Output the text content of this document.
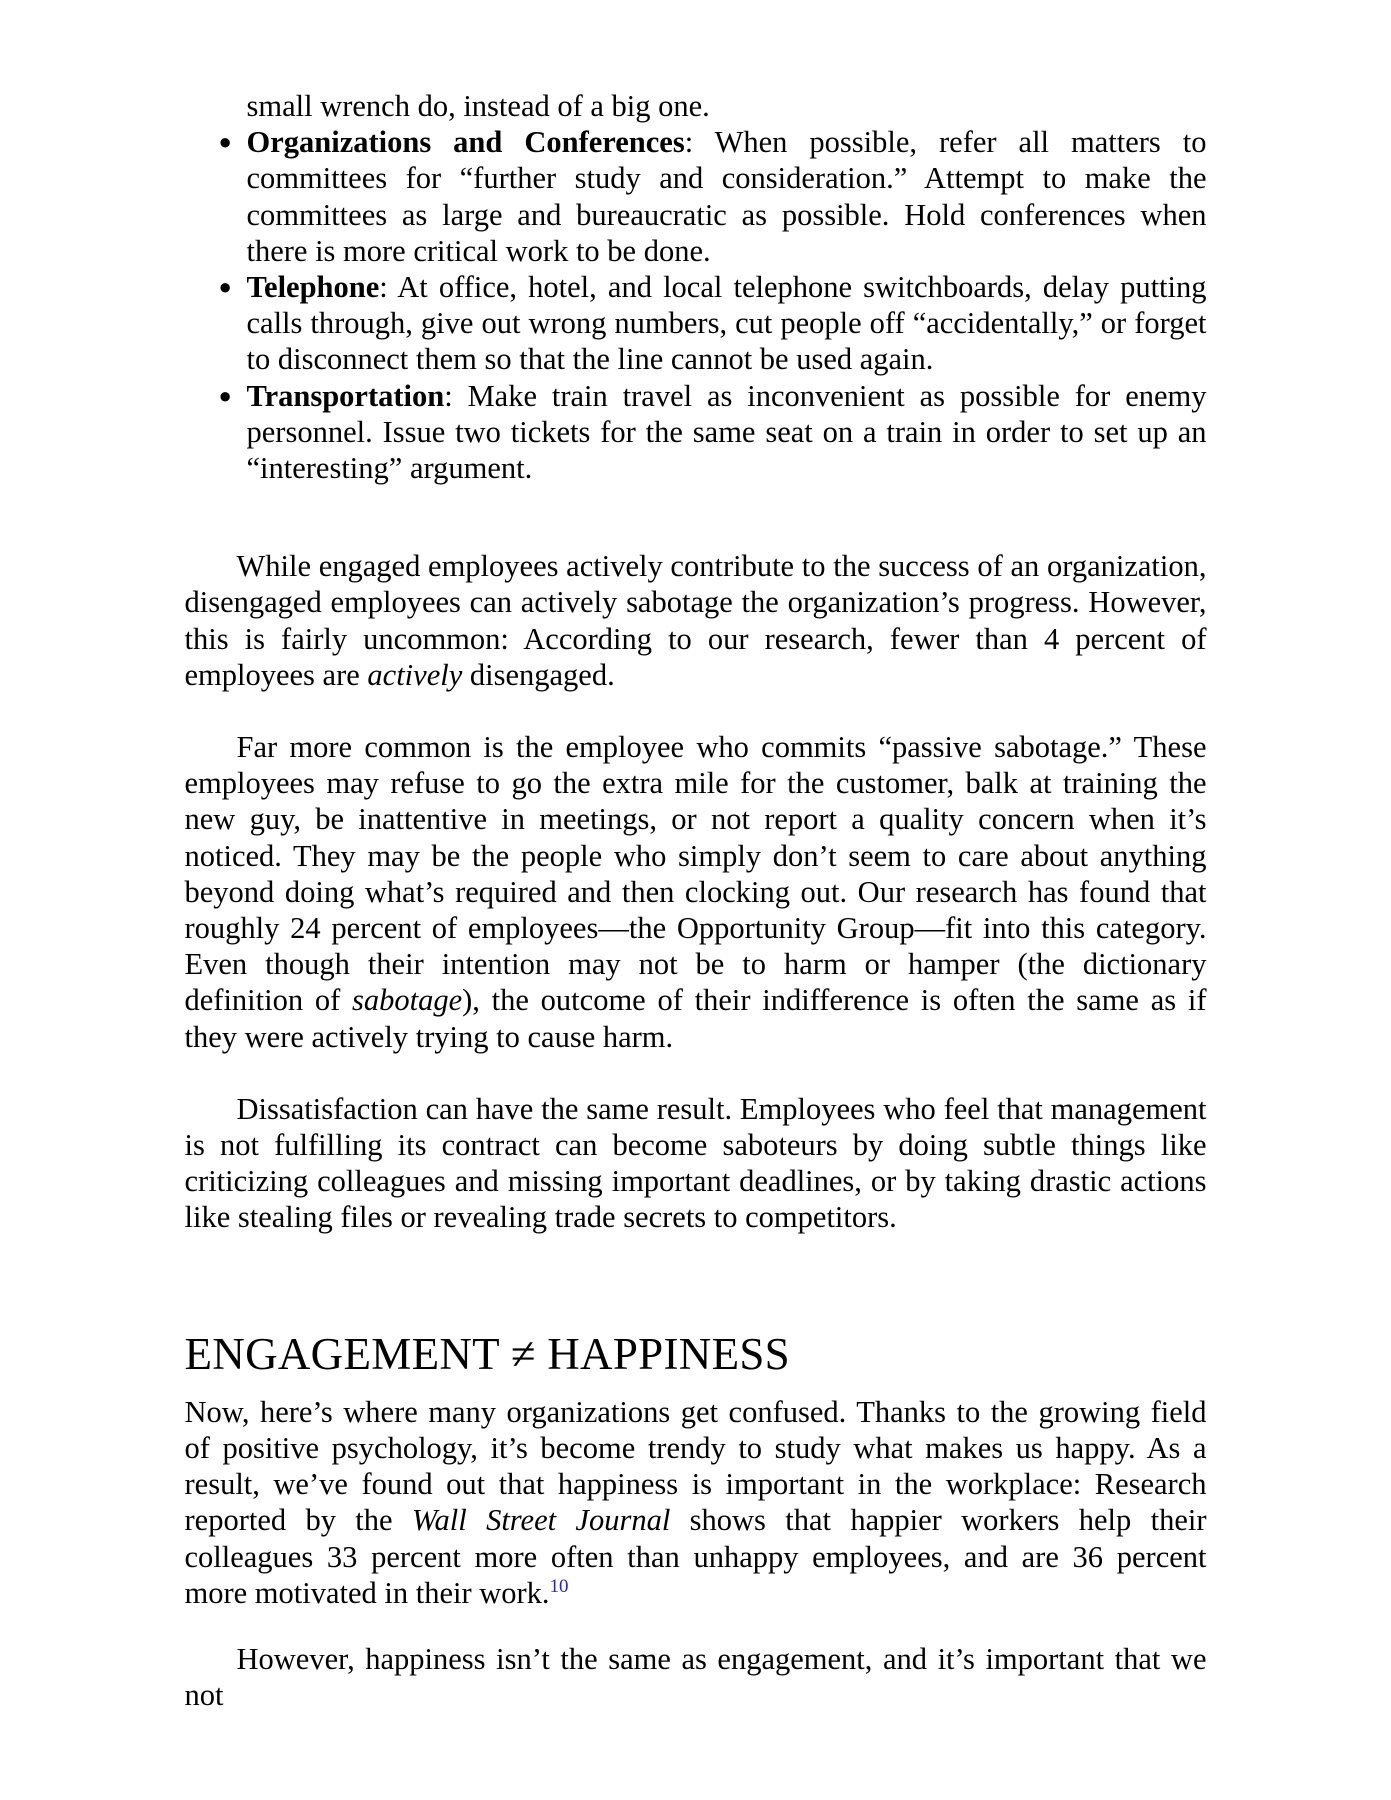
small wrench do, instead of a big one.
● Organizations and Conferences: When possible, refer all matters to committees for “further study and consideration.” Attempt to make the committees as large and bureaucratic as possible. Hold conferences when there is more critical work to be done.
● Telephone: At office, hotel, and local telephone switchboards, delay putting calls through, give out wrong numbers, cut people off “accidentally,” or forget to disconnect them so that the line cannot be used again.
● Transportation: Make train travel as inconvenient as possible for enemy personnel. Issue two tickets for the same seat on a train in order to set up an “interesting” argument.

While engaged employees actively contribute to the success of an organization, disengaged employees can actively sabotage the organization’s progress. However, this is fairly uncommon: According to our research, fewer than 4 percent of employees are actively disengaged.

Far more common is the employee who commits “passive sabotage.” These employees may refuse to go the extra mile for the customer, balk at training the new guy, be inattentive in meetings, or not report a quality concern when it’s noticed. They may be the people who simply don’t seem to care about anything beyond doing what’s required and then clocking out. Our research has found that roughly 24 percent of employees—the Opportunity Group—fit into this category. Even though their intention may not be to harm or hamper (the dictionary definition of sabotage), the outcome of their indifference is often the same as if they were actively trying to cause harm.

Dissatisfaction can have the same result. Employees who feel that management is not fulfilling its contract can become saboteurs by doing subtle things like criticizing colleagues and missing important deadlines, or by taking drastic actions like stealing files or revealing trade secrets to competitors.

ENGAGEMENT ≠ HAPPINESS

Now, here’s where many organizations get confused. Thanks to the growing field of positive psychology, it’s become trendy to study what makes us happy. As a result, we’ve found out that happiness is important in the workplace: Research reported by the Wall Street Journal shows that happier workers help their colleagues 33 percent more often than unhappy employees, and are 36 percent more motivated in their work.$^{10}$

However, happiness isn’t the same as engagement, and it’s important that we not
